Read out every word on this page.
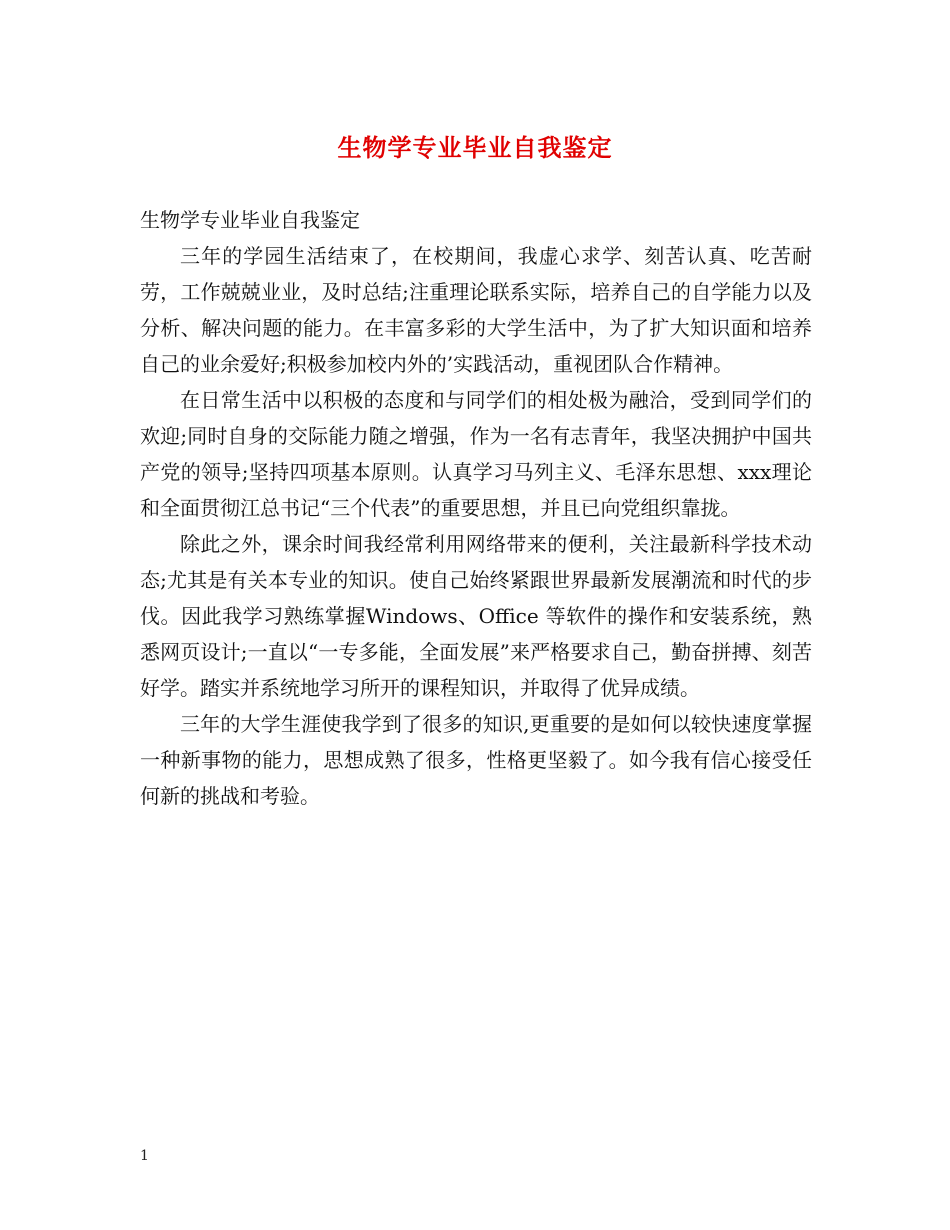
生物学专业毕业自我鉴定

生物学专业毕业自我鉴定

三年的学园生活结束了，在校期间，我虚心求学、刻苦认真、吃苦耐劳，工作兢兢业业，及时总结;注重理论联系实际，培养自己的自学能力以及分析、解决问题的能力。在丰富多彩的大学生活中，为了扩大知识面和培养自己的业余爱好;积极参加校内外的’实践活动，重视团队合作精神。

在日常生活中以积极的态度和与同学们的相处极为融洽，受到同学们的欢迎;同时自身的交际能力随之增强，作为一名有志青年，我坚决拥护中国共产党的领导;坚持四项基本原则。认真学习马列主义、毛泽东思想、xxx理论和全面贯彻江总书记“三个代表”的重要思想，并且已向党组织靠拢。

除此之外，课余时间我经常利用网络带来的便利，关注最新科学技术动态;尤其是有关本专业的知识。使自己始终紧跟世界最新发展潮流和时代的步伐。因此我学习熟练掌握Windows、Office 等软件的操作和安装系统，熟悉网页设计;一直以“一专多能，全面发展”来严格要求自己，勤奋拼搏、刻苦好学。踏实并系统地学习所开的课程知识，并取得了优异成绩。

三年的大学生涯使我学到了很多的知识,更重要的是如何以较快速度掌握一种新事物的能力，思想成熟了很多，性格更坚毅了。如今我有信心接受任何新的挑战和考验。

1
